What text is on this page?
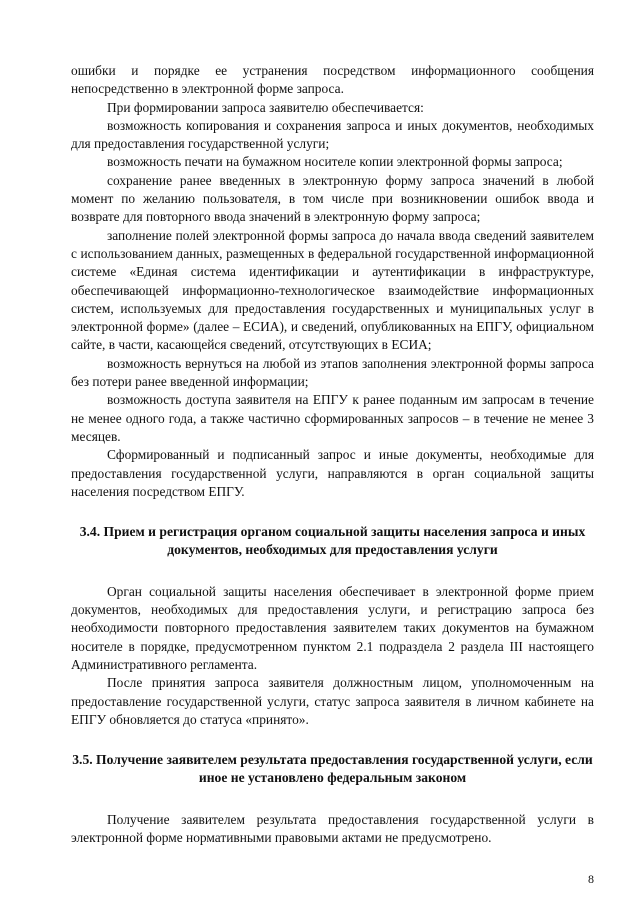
ошибки и порядке ее устранения посредством информационного сообщения непосредственно в электронной форме запроса.

При формировании запроса заявителю обеспечивается:

возможность копирования и сохранения запроса и иных документов, необходимых для предоставления государственной услуги;

возможность печати на бумажном носителе копии электронной формы запроса;

сохранение ранее введенных в электронную форму запроса значений в любой момент по желанию пользователя, в том числе при возникновении ошибок ввода и возврате для повторного ввода значений в электронную форму запроса;

заполнение полей электронной формы запроса до начала ввода сведений заявителем с использованием данных, размещенных в федеральной государственной информационной системе «Единая система идентификации и аутентификации в инфраструктуре, обеспечивающей информационно-технологическое взаимодействие информационных систем, используемых для предоставления государственных и муниципальных услуг в электронной форме» (далее – ЕСИА), и сведений, опубликованных на ЕПГУ, официальном сайте, в части, касающейся сведений, отсутствующих в ЕСИА;

возможность вернуться на любой из этапов заполнения электронной формы запроса без потери ранее введенной информации;

возможность доступа заявителя на ЕПГУ к ранее поданным им запросам в течение не менее одного года, а также частично сформированных запросов – в течение не менее 3 месяцев.

Сформированный и подписанный запрос и иные документы, необходимые для предоставления государственной услуги, направляются в орган социальной защиты населения посредством ЕПГУ.

3.4. Прием и регистрация органом социальной защиты населения запроса и иных документов, необходимых для предоставления услуги

Орган социальной защиты населения обеспечивает в электронной форме прием документов, необходимых для предоставления услуги, и регистрацию запроса без необходимости повторного предоставления заявителем таких документов на бумажном носителе в порядке, предусмотренном пунктом 2.1 подраздела 2 раздела III настоящего Административного регламента.

После принятия запроса заявителя должностным лицом, уполномоченным на предоставление государственной услуги, статус запроса заявителя в личном кабинете на ЕПГУ обновляется до статуса «принято».

3.5. Получение заявителем результата предоставления государственной услуги, если иное не установлено федеральным законом

Получение заявителем результата предоставления государственной услуги в электронной форме нормативными правовыми актами не предусмотрено.

8
